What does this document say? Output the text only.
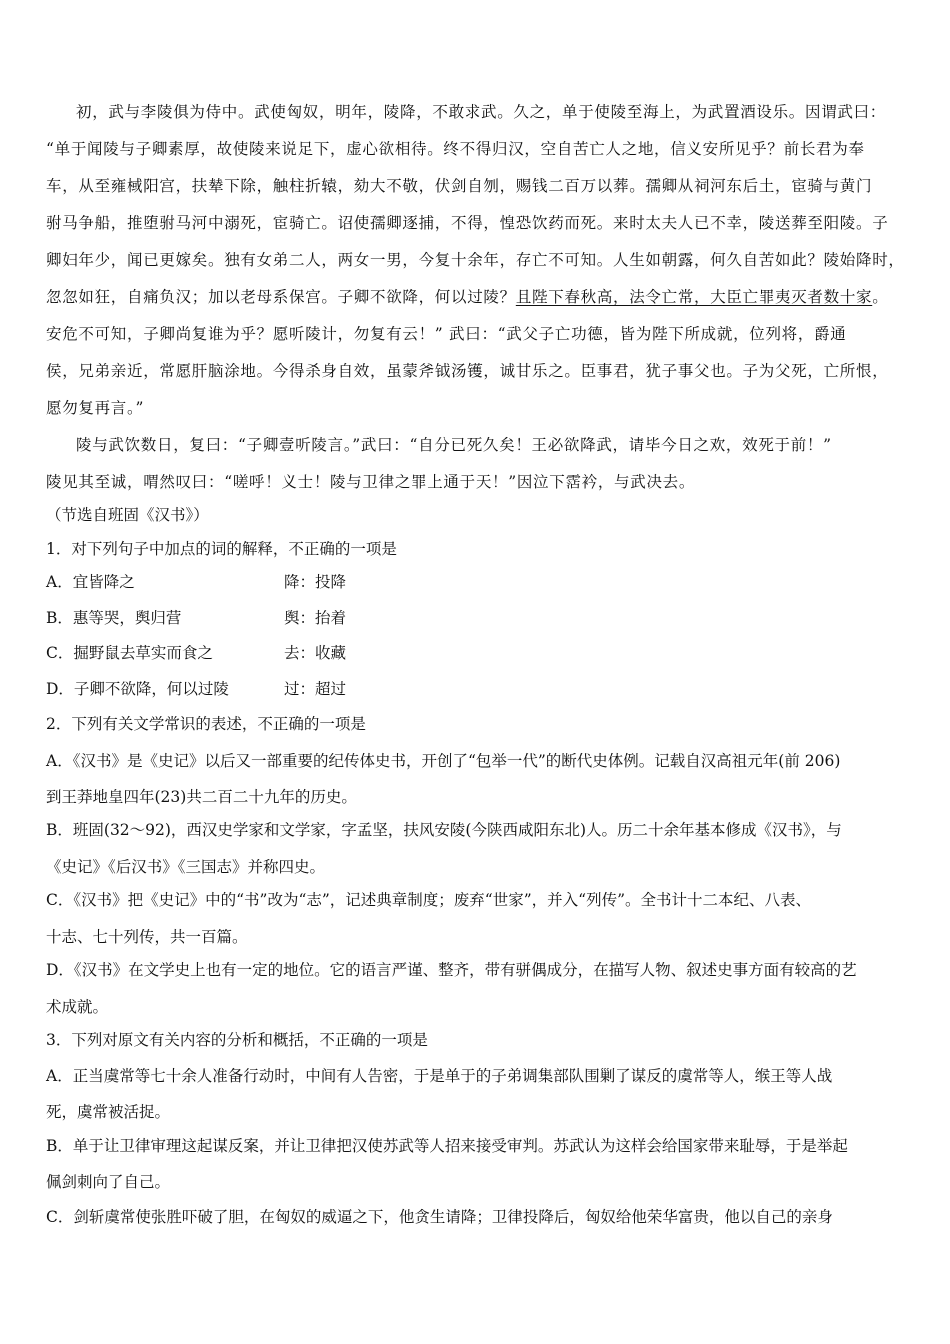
初，武与李陵俱为侍中。武使匈奴，明年，陵降，不敢求武。久之，单于使陵至海上，为武置酒设乐。因谓武曰：
“单于闻陵与子卿素厚，故使陵来说足下，虚心欲相待。终不得归汉，空自苦亡人之地，信义安所见乎？前长君为奉
车，从至雍棫阳宫，扶辇下除，触柱折辕，劾大不敬，伏剑自刎，赐钱二百万以葬。孺卿从祠河东后土，宦骑与黄门
驸马争船，推堕驸马河中溺死，宦骑亡。诏使孺卿逐捕，不得，惶恐饮药而死。来时太夫人已不幸，陵送葬至阳陵。子
卿妇年少，闻已更嫁矣。独有女弟二人，两女一男，今复十余年，存亡不可知。人生如朝露，何久自苦如此？陵始降时，
忽忽如狂，自痛负汉；加以老母系保宫。子卿不欲降，何以过陵？且陛下春秋高，法令亡常，大臣亡罪夷灭者数十家。
安危不可知，子卿尚复谁为乎？愿听陵计，勿复有云！” 武曰：“武父子亡功德，皆为陛下所成就，位列将，爵通
侯，兄弟亲近，常愿肝脑涂地。今得杀身自效，虽蒙斧钺汤镬，诚甘乐之。臣事君，犹子事父也。子为父死，亡所恨，
愿勿复再言。”
陵与武饮数日，复曰：“子卿壹听陵言。”武曰：“自分已死久矣！王必欲降武，请毕今日之欢，效死于前！”
陵见其至诚，喟然叹曰：“嗟呼！义士！陵与卫律之罪上通于天！”因泣下霑衿，与武决去。
（节选自班固《汉书》）
1．对下列句子中加点的词的解释，不正确的一项是
A．宜皆降之	降：投降
B．惠等哭，舆归营	舆：抬着
C．掘野鼠去草实而食之	去：收藏
D．子卿不欲降，何以过陵	过：超过
2．下列有关文学常识的表述，不正确的一项是
A．《汉书》是《史记》以后又一部重要的纪传体史书，开创了“包举一代”的断代史体例。记载自汉高祖元年(前 206)
到王莽地皇四年(23)共二百二十九年的历史。
B．班固(32～92)，西汉史学家和文学家，字孟坚，扶风安陵(今陕西咸阳东北)人。历二十余年基本修成《汉书》，与
《史记》《后汉书》《三国志》并称四史。
C．《汉书》把《史记》中的“书”改为“志”，记述典章制度；废弃“世家”，并入“列传”。全书计十二本纪、八表、
十志、七十列传，共一百篇。
D．《汉书》在文学史上也有一定的地位。它的语言严谨、整齐，带有骈偶成分，在描写人物、叙述史事方面有较高的艺
术成就。
3．下列对原文有关内容的分析和概括，不正确的一项是
A．正当虞常等七十余人准备行动时，中间有人告密，于是单于的子弟调集部队围剿了谋反的虞常等人，缑王等人战
死，虞常被活捉。
B．单于让卫律审理这起谋反案，并让卫律把汉使苏武等人招来接受审判。苏武认为这样会给国家带来耻辱，于是举起
佩剑刺向了自己。
C．剑斩虞常使张胜吓破了胆，在匈奴的威逼之下，他贪生请降；卫律投降后，匈奴给他荣华富贵，他以自己的亲身
